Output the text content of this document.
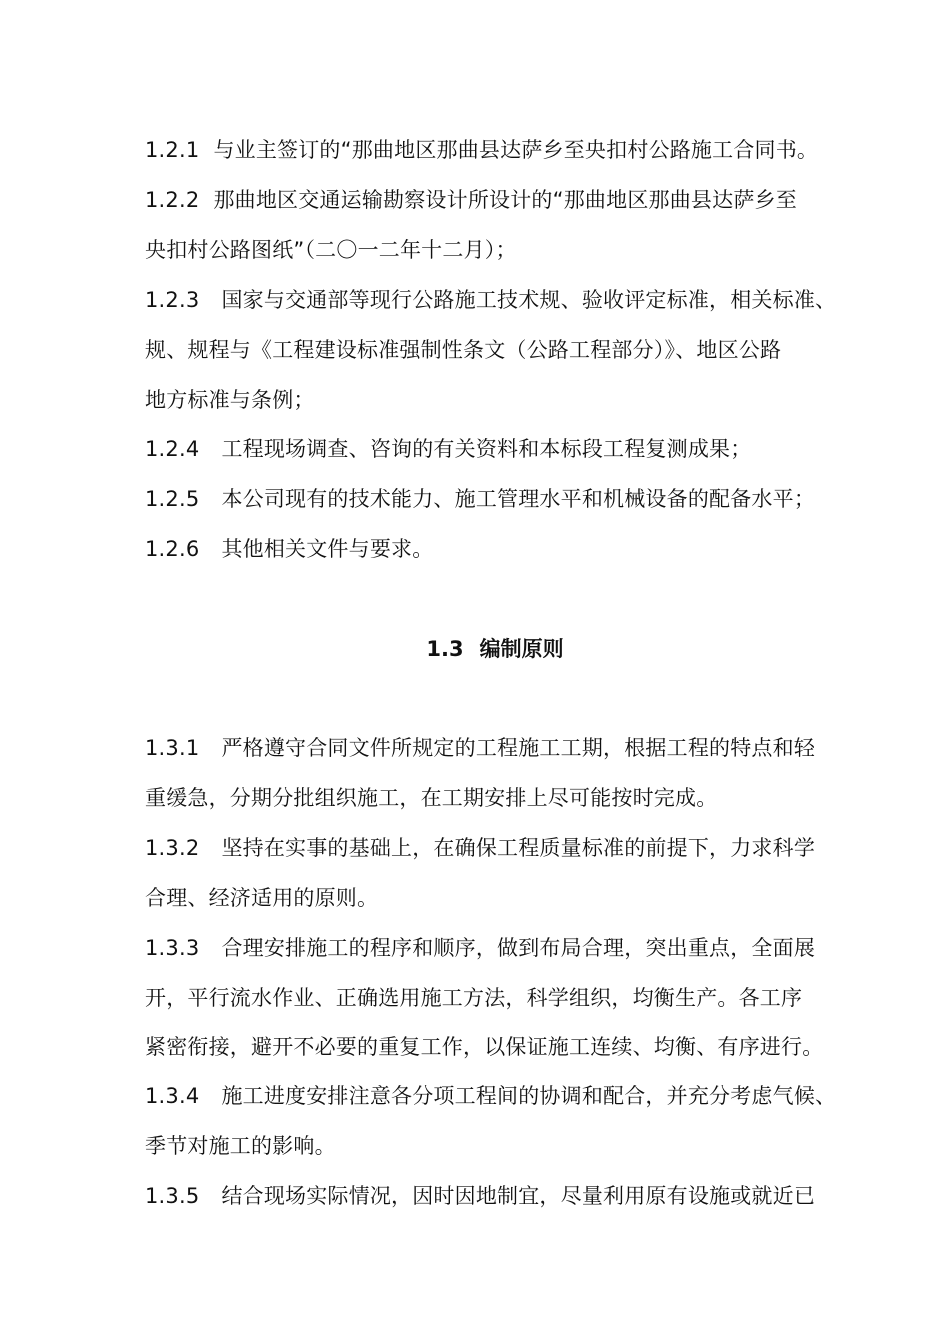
1.2.1 与业主签订的“那曲地区那曲县达萨乡至央扣村公路施工合同书。
1.2.2 那曲地区交通运输勘察设计所设计的“那曲地区那曲县达萨乡至
央扣村公路图纸”（二〇一二年十二月）；
1.2.3 国家与交通部等现行公路施工技术规、验收评定标准，相关标准、
规、规程与《工程建设标准强制性条文（公路工程部分）》、地区公路
地方标准与条例；
1.2.4 工程现场调查、咨询的有关资料和本标段工程复测成果；
1.2.5 本公司现有的技术能力、施工管理水平和机械设备的配备水平；
1.2.6 其他相关文件与要求。
1.3 编制原则
1.3.1 严格遵守合同文件所规定的工程施工工期，根据工程的特点和轻
重缓急，分期分批组织施工，在工期安排上尽可能按时完成。
1.3.2 坚持在实事的基础上，在确保工程质量标准的前提下，力求科学
合理、经济适用的原则。
1.3.3 合理安排施工的程序和顺序，做到布局合理，突出重点，全面展
开，平行流水作业、正确选用施工方法，科学组织，均衡生产。各工序
紧密衔接，避开不必要的重复工作，以保证施工连续、均衡、有序进行。
1.3.4 施工进度安排注意各分项工程间的协调和配合，并充分考虑气候、
季节对施工的影响。
1.3.5 结合现场实际情况，因时因地制宜，尽量利用原有设施或就近已
